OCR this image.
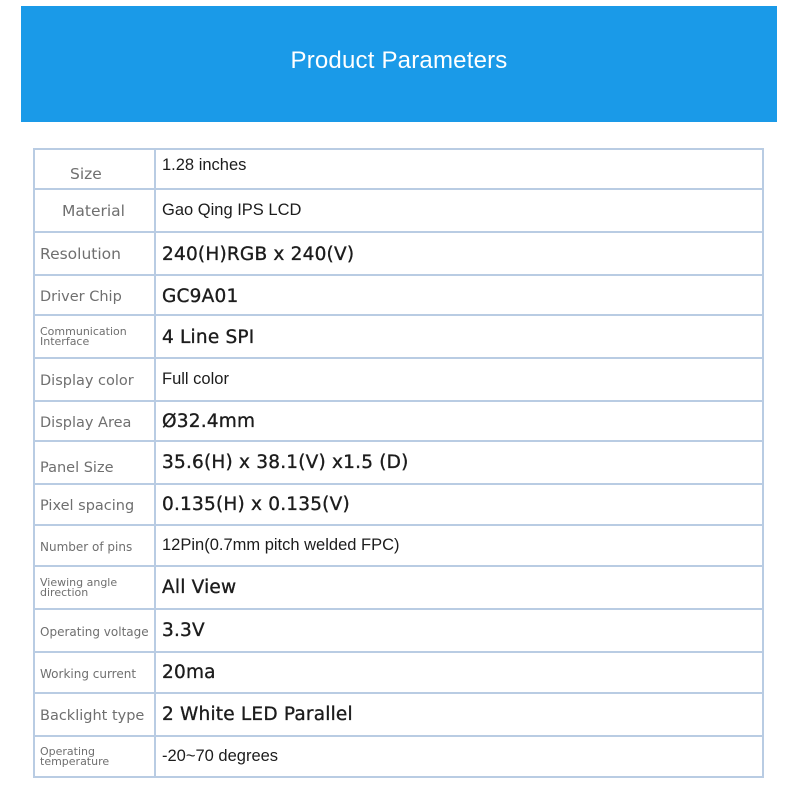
Product Parameters
Size	1.28 inches
Material	Gao Qing IPS LCD
Resolution	240(H)RGB x 240(V)
Driver Chip	GC9A01

Communication Interface	4 Line SPI
Display color	Full color
Display Area	Ø32.4mm
Panel Size	35.6(H) x 38.1(V) x1.5 (D)
Pixel spacing	0.135(H) x 0.135(V)
Number of pins	12Pin(0.7mm pitch welded FPC)

Viewing angle direction	All View
Operating voltage	3.3V
Working current	20ma
Backlight type	2 White LED Parallel

Operating temperature	-20~70 degrees
